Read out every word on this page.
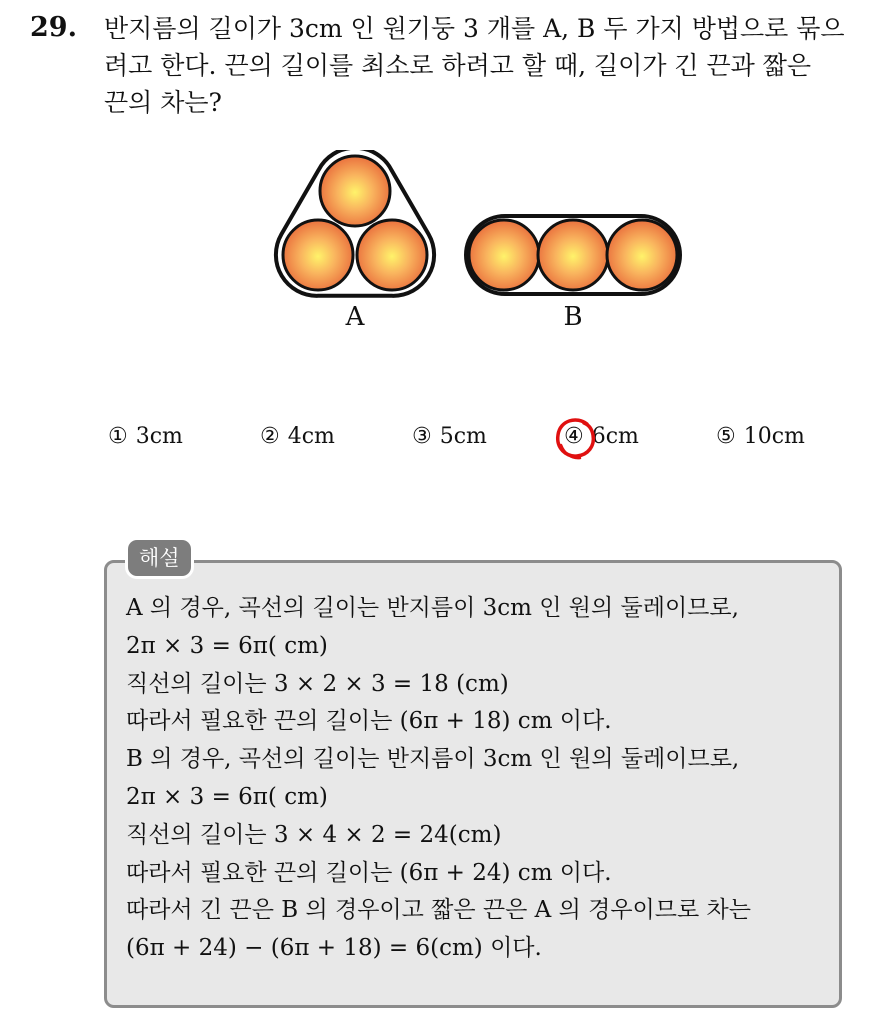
29. 반지름의 길이가 3cm 인 원기둥 3 개를 A, B 두 가지 방법으로 묶으
려고 한다. 끈의 길이를 최소로 하려고 할 때, 길이가 긴 끈과 짧은
끈의 차는?
A	B
① 3cm	② 4cm	③ 5cm	④ 6cm	⑤ 10cm
해설
A 의 경우, 곡선의 길이는 반지름이 3cm 인 원의 둘레이므로,
2π × 3 = 6π( cm)
직선의 길이는 3 × 2 × 3 = 18 (cm)
따라서 필요한 끈의 길이는 (6π + 18) cm 이다.
B 의 경우, 곡선의 길이는 반지름이 3cm 인 원의 둘레이므로,
2π × 3 = 6π( cm)
직선의 길이는 3 × 4 × 2 = 24(cm)
따라서 필요한 끈의 길이는 (6π + 24) cm 이다.
따라서 긴 끈은 B 의 경우이고 짧은 끈은 A 의 경우이므로 차는
(6π + 24) − (6π + 18) = 6(cm) 이다.
